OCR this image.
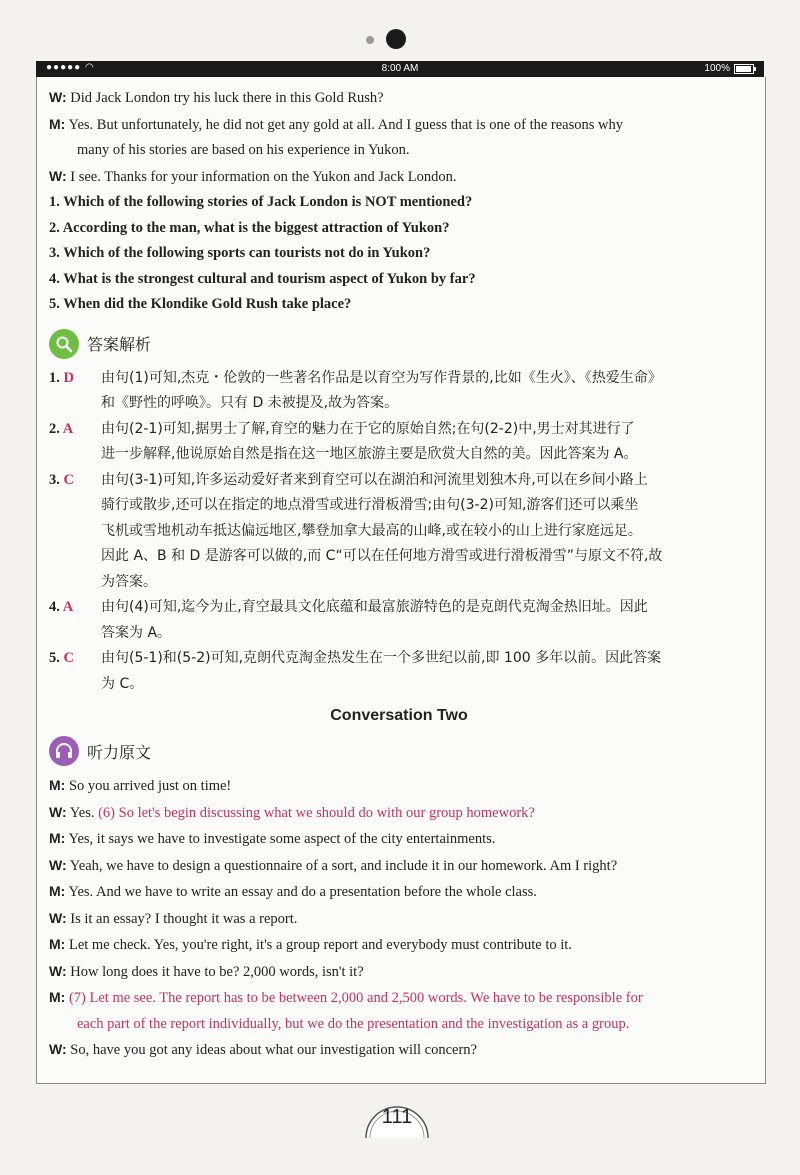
●●●●● ◠	8:00 AM	100%

W: Did Jack London try his luck there in this Gold Rush?

M: Yes. But unfortunately, he did not get any gold at all. And I guess that is one of the reasons why

many of his stories are based on his experience in Yukon.

W: I see. Thanks for your information on the Yukon and Jack London.

1. Which of the following stories of Jack London is NOT mentioned?

2. According to the man, what is the biggest attraction of Yukon?

3. Which of the following sports can tourists not do in Yukon?

4. What is the strongest cultural and tourism aspect of Yukon by far?

5. When did the Klondike Gold Rush take place?

答案解析
1. D 由句(1)可知,杰克・伦敦的一些著名作品是以育空为写作背景的,比如《生火》、《热爱生命》
和《野性的呼唤》。只有 D 未被提及,故为答案。
2. A 由句(2-1)可知,据男士了解,育空的魅力在于它的原始自然;在句(2-2)中,男士对其进行了
进一步解释,他说原始自然是指在这一地区旅游主要是欣赏大自然的美。因此答案为 A。
3. C 由句(3-1)可知,许多运动爱好者来到育空可以在湖泊和河流里划独木舟,可以在乡间小路上
骑行或散步,还可以在指定的地点滑雪或进行滑板滑雪;由句(3-2)可知,游客们还可以乘坐
飞机或雪地机动车抵达偏远地区,攀登加拿大最高的山峰,或在较小的山上进行家庭远足。
因此 A、B 和 D 是游客可以做的,而 C“可以在任何地方滑雪或进行滑板滑雪”与原文不符,故
为答案。
4. A 由句(4)可知,迄今为止,育空最具文化底蕴和最富旅游特色的是克朗代克淘金热旧址。因此
答案为 A。
5. C 由句(5-1)和(5-2)可知,克朗代克淘金热发生在一个多世纪以前,即 100 多年以前。因此答案
为 C。
Conversation Two
听力原文

M: So you arrived just on time!

W: Yes. (6) So let's begin discussing what we should do with our group homework?

M: Yes, it says we have to investigate some aspect of the city entertainments.

W: Yeah, we have to design a questionnaire of a sort, and include it in our homework. Am I right?

M: Yes. And we have to write an essay and do a presentation before the whole class.

W: Is it an essay? I thought it was a report.

M: Let me check. Yes, you're right, it's a group report and everybody must contribute to it.

W: How long does it have to be? 2,000 words, isn't it?

M: (7) Let me see. The report has to be between 2,000 and 2,500 words. We have to be responsible for

each part of the report individually, but we do the presentation and the investigation as a group.

W: So, have you got any ideas about what our investigation will concern?

111
